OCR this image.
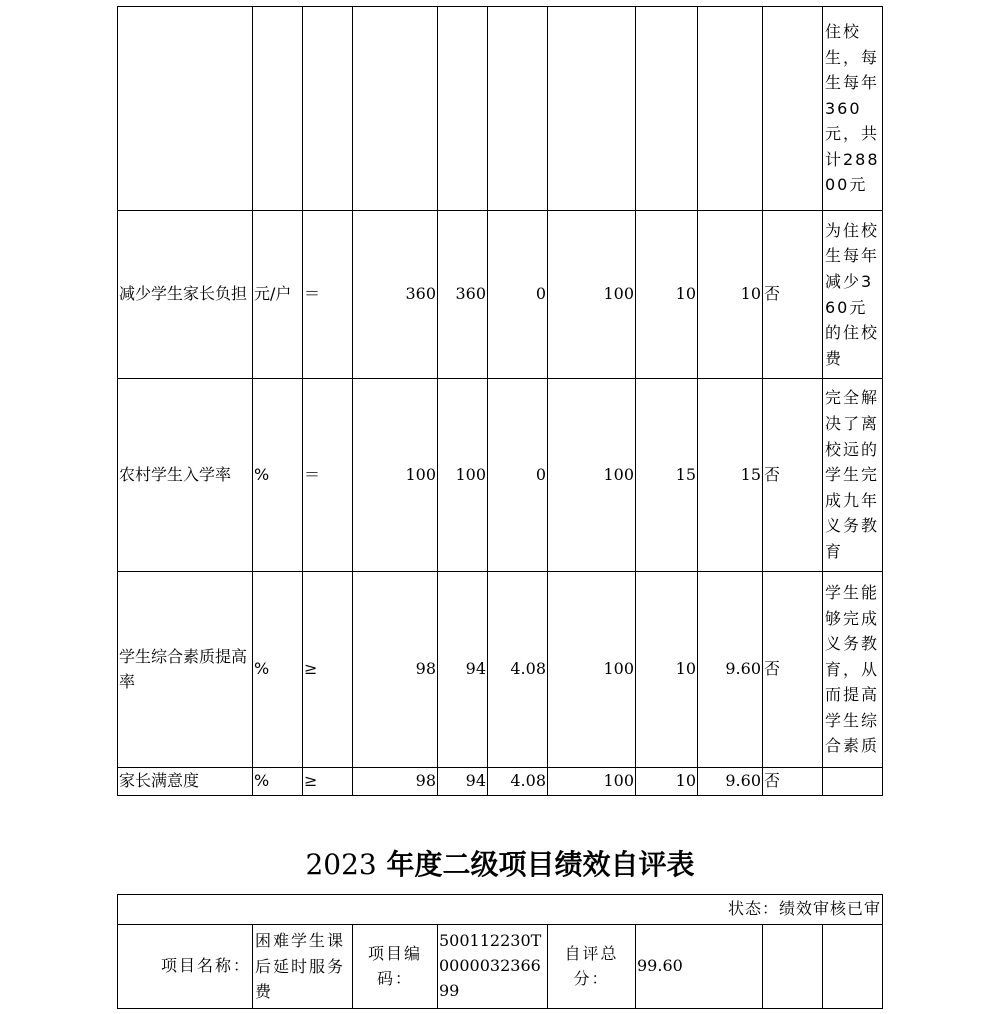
										住校生，每生每年360元，共计28800元
减少学生家长负担	元/户	＝	360	360	0	100	10	10	否	为住校生每年减少360元的住校费
农村学生入学率	%	＝	100	100	0	100	15	15	否	完全解决了离校远的学生完成九年义务教育
学生综合素质提高率	%	≥	98	94	4.08	100	10	9.60	否	学生能够完成义务教育，从而提高学生综合素质
家长满意度	%	≥	98	94	4.08	100	10	9.60	否	
2023 年度二级项目绩效自评表
状态：绩效审核已审
项目名称：	困难学生课后延时服务费	项目编码：	500112230T000003236699	自评总分：	99.60		
